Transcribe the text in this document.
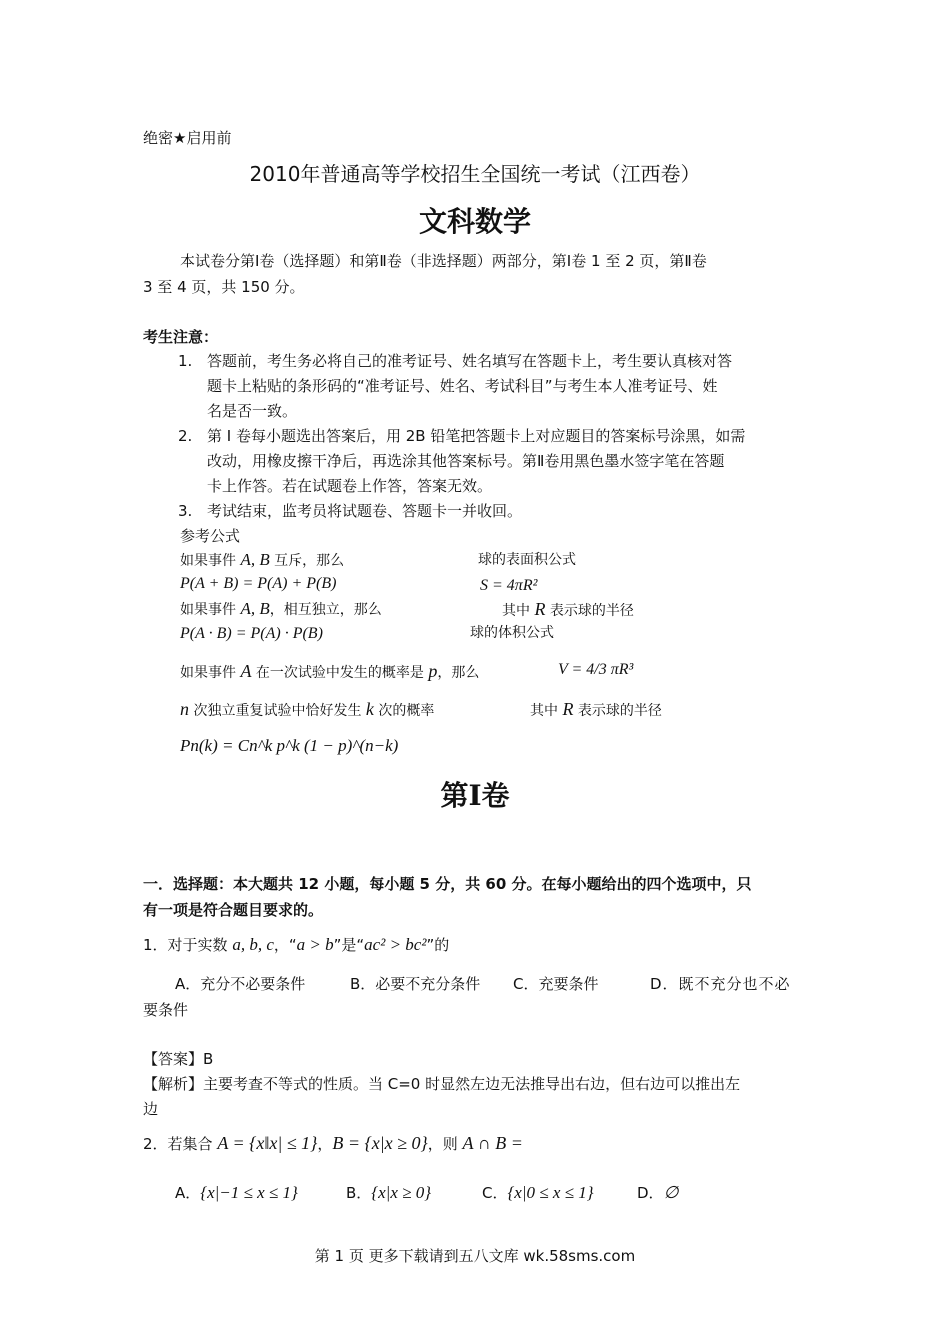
绝密★启用前
2010年普通高等学校招生全国统一考试（江西卷）
文科数学
本试卷分第Ⅰ卷（选择题）和第Ⅱ卷（非选择题）两部分，第Ⅰ卷 1 至 2 页，第Ⅱ卷
3 至 4 页，共 150 分。
考生注意：
1. 答题前，考生务必将自己的准考证号、姓名填写在答题卡上，考生要认真核对答
题卡上粘贴的条形码的“准考证号、姓名、考试科目”与考生本人准考证号、姓
名是否一致。
2. 第 I 卷每小题选出答案后，用 2B 铅笔把答题卡上对应题目的答案标号涂黑，如需
改动，用橡皮擦干净后，再选涂其他答案标号。第Ⅱ卷用黑色墨水签字笔在答题
卡上作答。若在试题卷上作答，答案无效。
3. 考试结束，监考员将试题卷、答题卡一并收回。
参考公式
如果事件 A, B 互斥，那么
P(A + B) = P(A) + P(B)
如果事件 A, B，相互独立，那么
P(A · B) = P(A) · P(B)
如果事件 A 在一次试验中发生的概率是 p，那么
n 次独立重复试验中恰好发生 k 次的概率
Pn(k) = Cn^k p^k (1 − p)^(n−k)
球的表面积公式
S = 4πR²
其中 R 表示球的半径
球的体积公式
V = 4/3 πR³
其中 R 表示球的半径
第Ⅰ卷
一．选择题：本大题共 12 小题，每小题 5 分，共 60 分。在每小题给出的四个选项中，只
有一项是符合题目要求的。
1．对于实数 a, b, c，“a > b”是“ac² > bc²”的
A．充分不必要条件	B．必要不充分条件 C．充要条件	D．既不充分也不必
要条件
【答案】B
【解析】主要考查不等式的性质。当 C=0 时显然左边无法推导出右边，但右边可以推出左
边
2．若集合 A = {x‖x| ≤ 1}，B = {x|x ≥ 0}，则 A ∩ B =
A．{x|−1 ≤ x ≤ 1}	B．{x|x ≥ 0}	C．{x|0 ≤ x ≤ 1}	D．∅
第 1 页 更多下载请到五八文库 wk.58sms.com
